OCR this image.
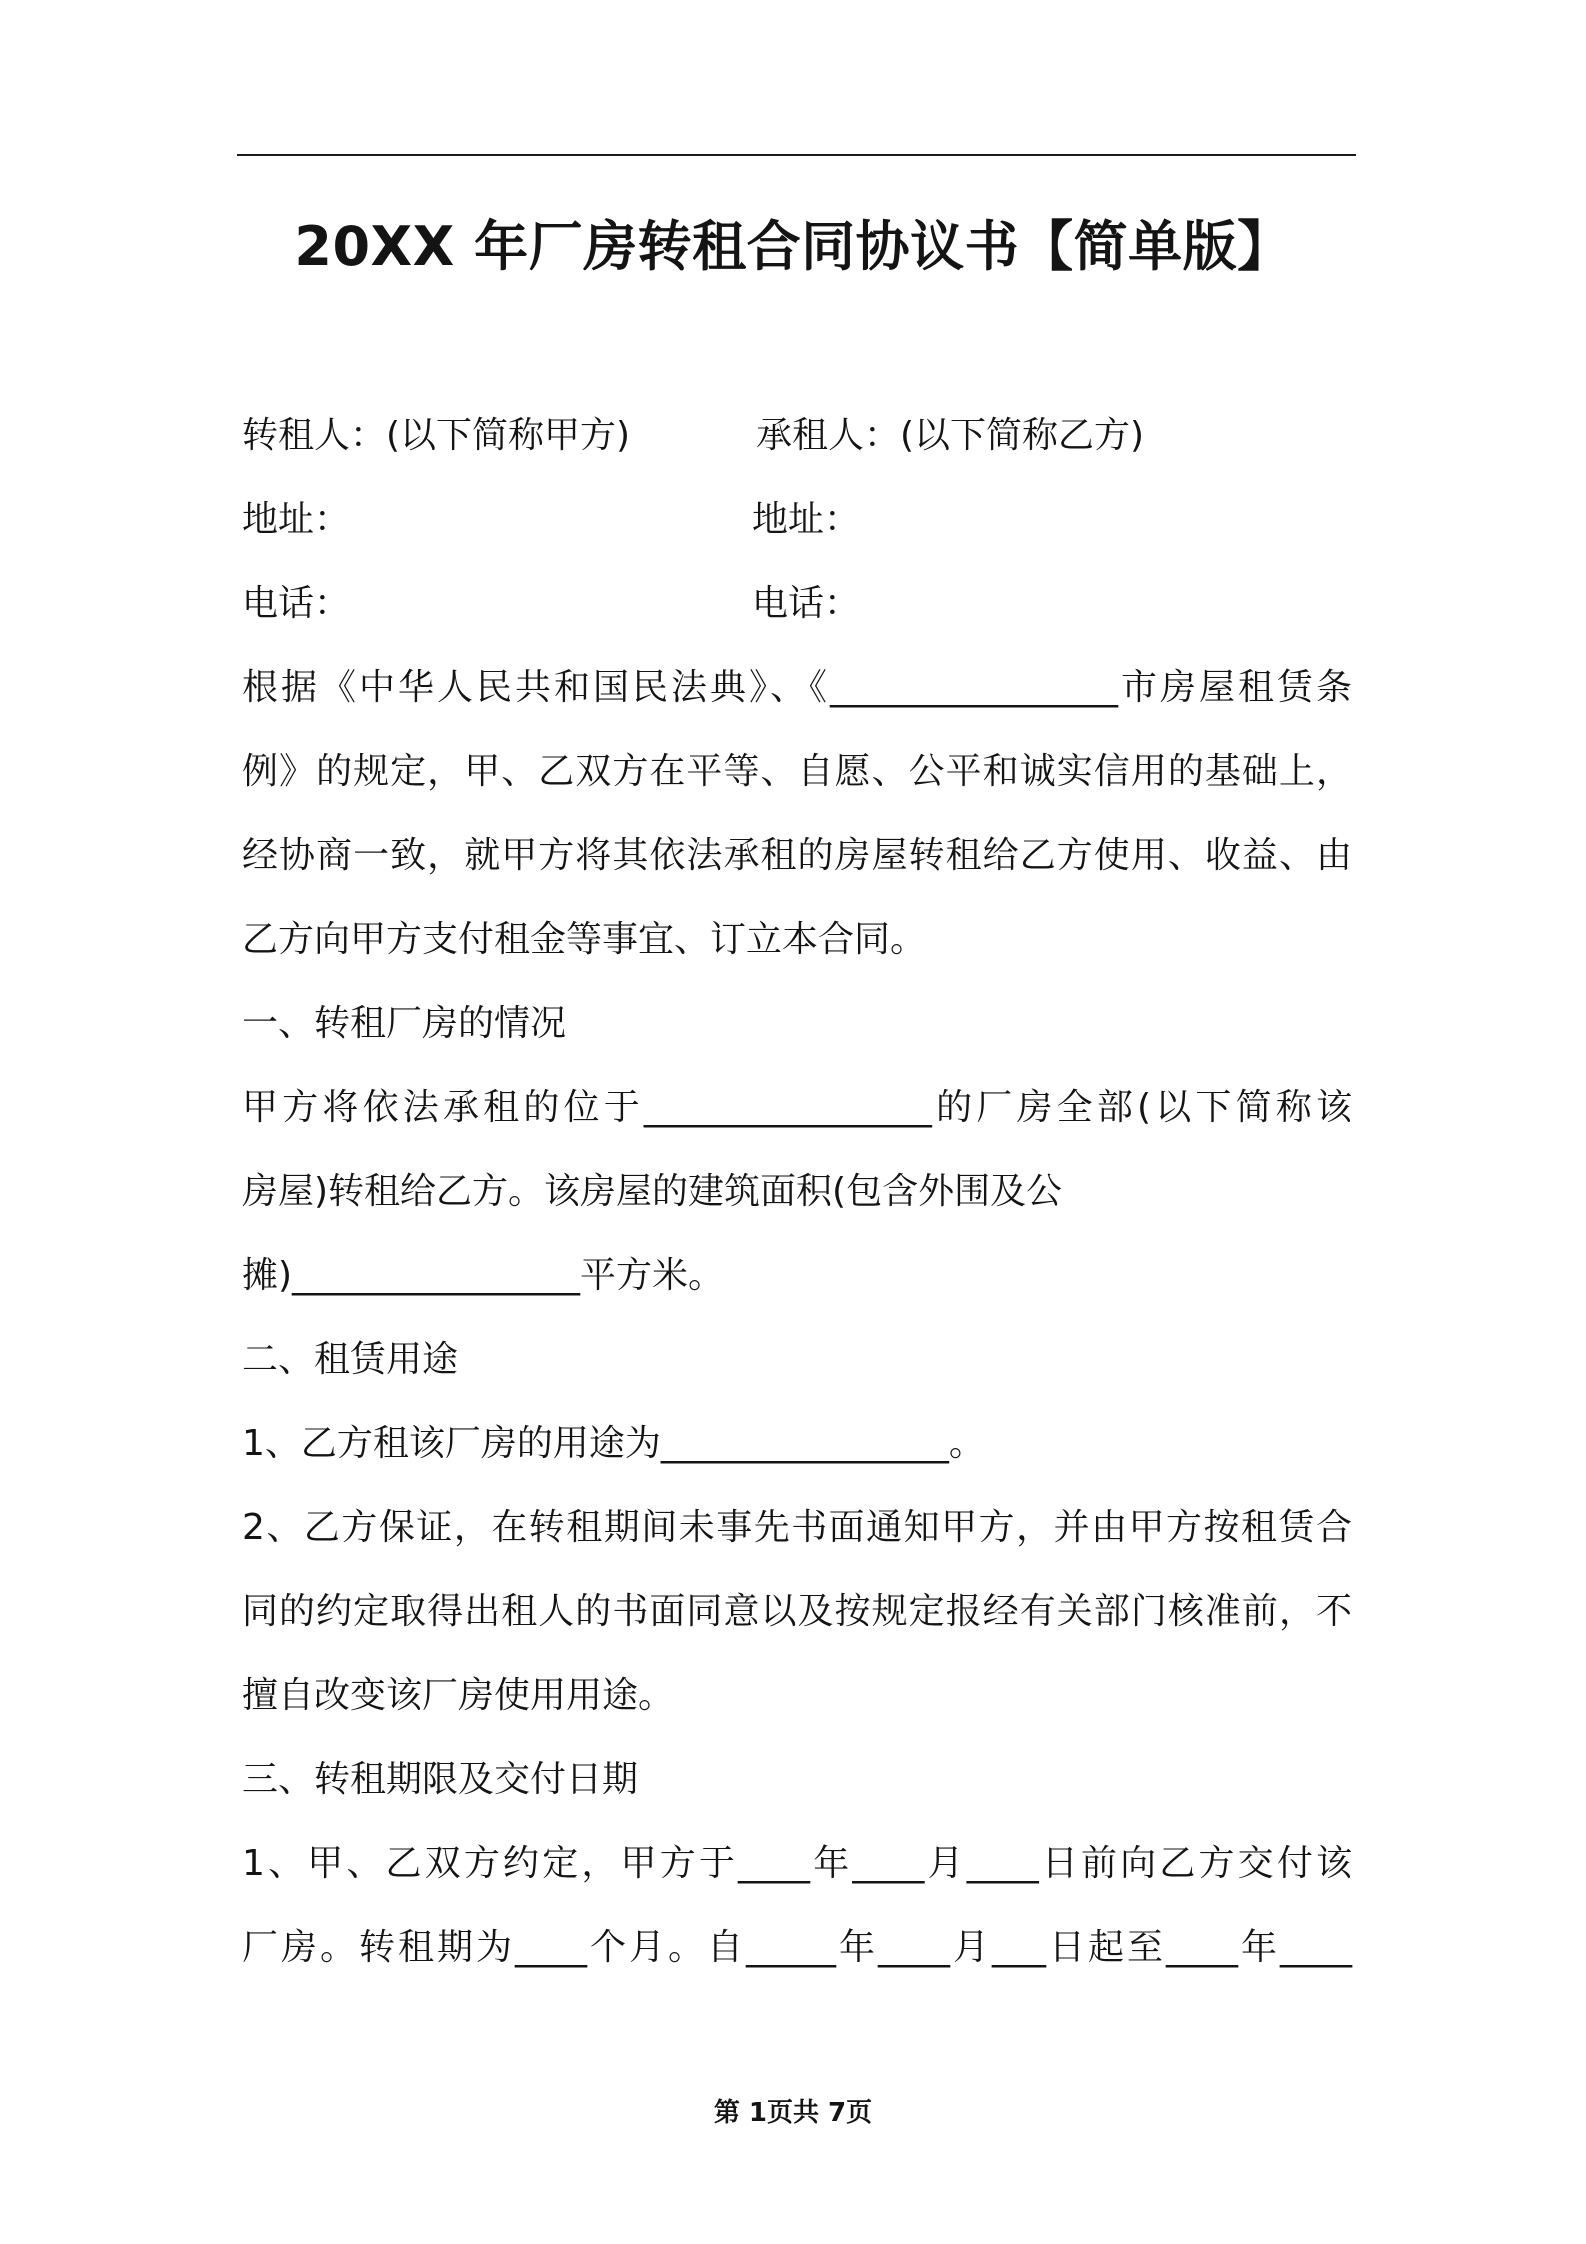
20XX 年厂房转租合同协议书【简单版】
转租人：(以下简称甲方)	承租人：(以下简称乙方)
地址：	地址：
电话：	电话：
根据《中华人民共和国民法典》、《________________市房屋租赁条
例》的规定，甲、乙双方在平等、自愿、公平和诚实信用的基础上，
经协商一致，就甲方将其依法承租的房屋转租给乙方使用、收益、由
乙方向甲方支付租金等事宜、订立本合同。
一、转租厂房的情况
甲方将依法承租的位于________________的厂房全部(以下简称该
房屋)转租给乙方。该房屋的建筑面积(包含外围及公
摊)________________平方米。
二、租赁用途
1、乙方租该厂房的用途为________________。
2、乙方保证，在转租期间未事先书面通知甲方，并由甲方按租赁合
同的约定取得出租人的书面同意以及按规定报经有关部门核准前，不
擅自改变该厂房使用用途。
三、转租期限及交付日期
1、甲、乙双方约定，甲方于____年____月____日前向乙方交付该
厂房。转租期为____个月。自_____年____月___日起至____年____
第 1页共 7页
